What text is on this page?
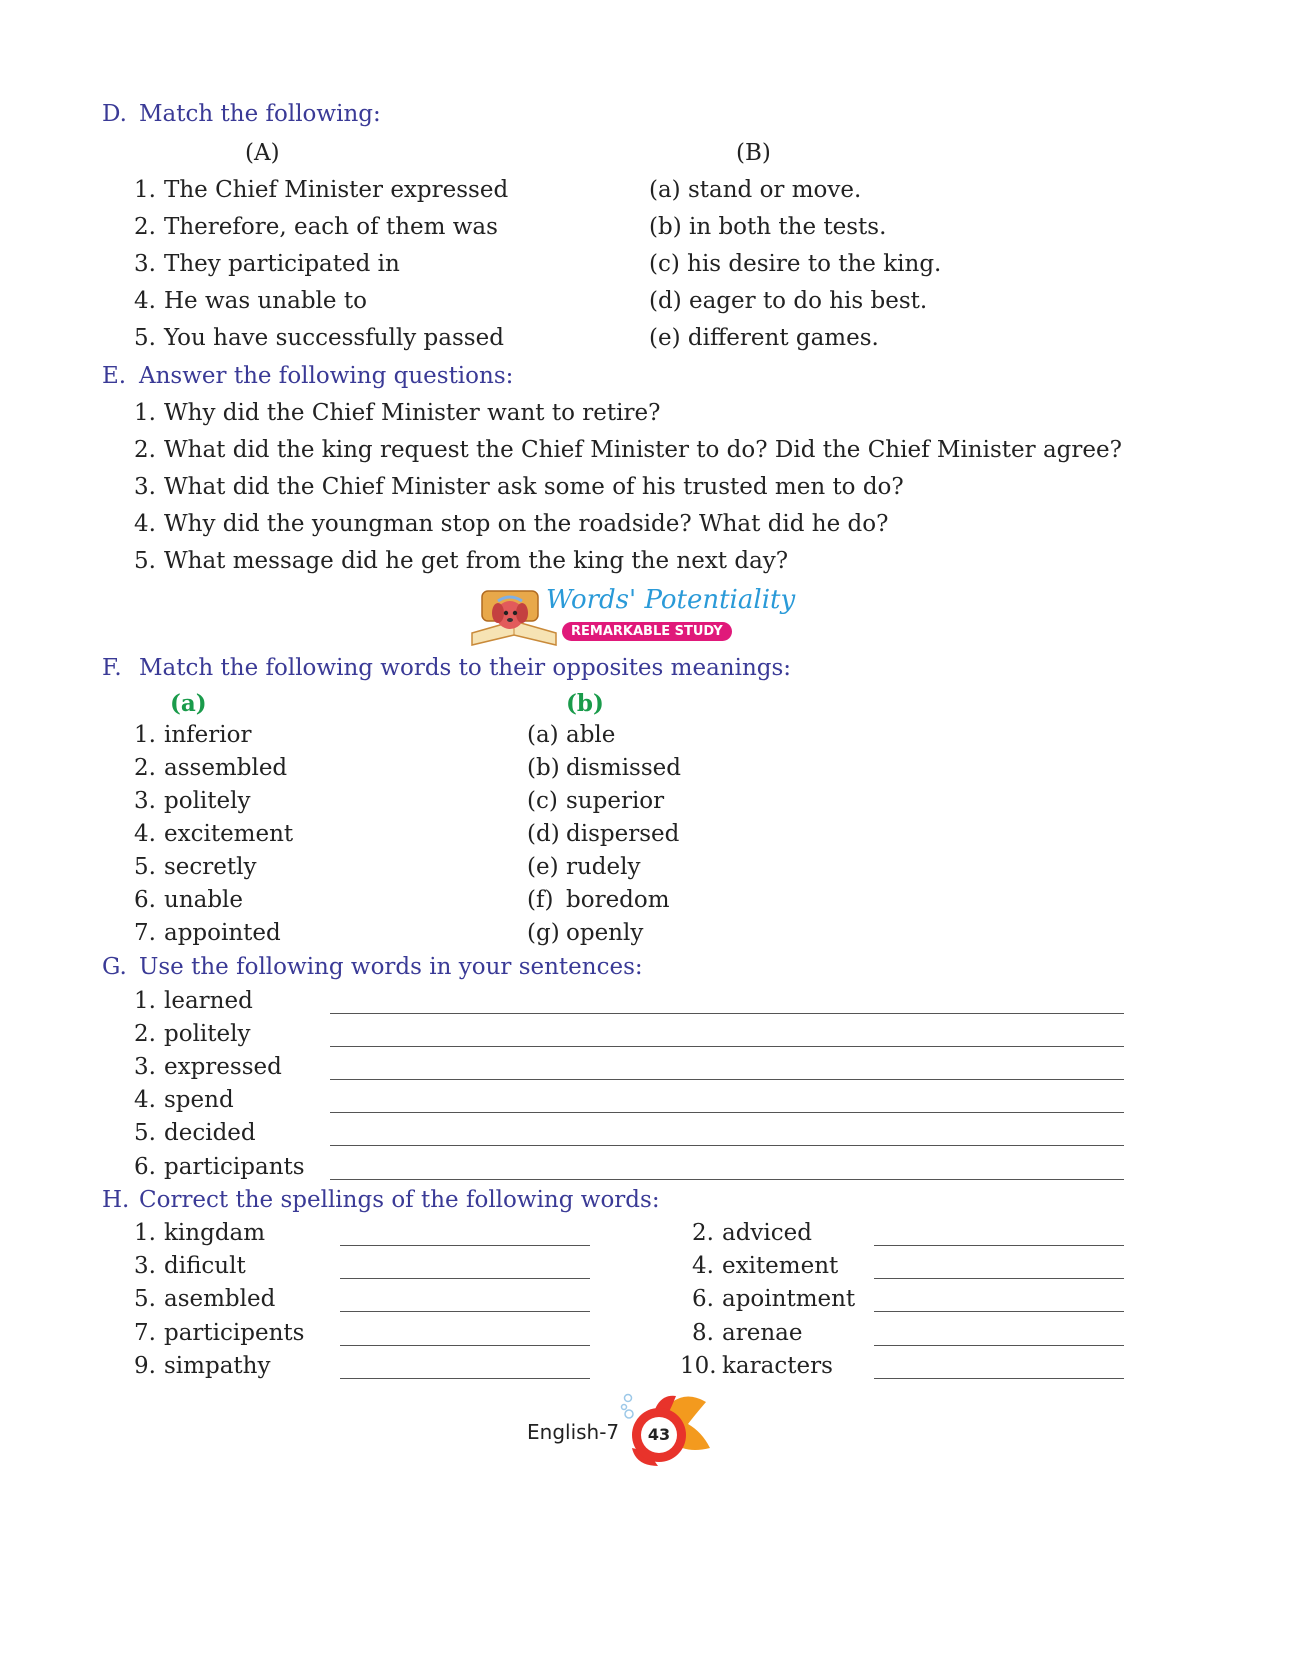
D. Match the following:
(A)	(B)
1. The Chief Minister expressed
2. Therefore, each of them was
3. They participated in
4. He was unable to
5. You have successfully passed
(a) stand or move.
(b) in both the tests.
(c) his desire to the king.
(d) eager to do his best.
(e) different games.
E. Answer the following questions:
1. Why did the Chief Minister want to retire?
2. What did the king request the Chief Minister to do? Did the Chief Minister agree?
3. What did the Chief Minister ask some of his trusted men to do?
4. Why did the youngman stop on the roadside? What did he do?
5. What message did he get from the king the next day?
Words' Potentiality
REMARKABLE STUDY
F. Match the following words to their opposites meanings:
(a)	(b)
1. inferior
2. assembled
3. politely
4. excitement
5. secretly
6. unable
7. appointed
(a) able
(b) dismissed
(c) superior
(d) dispersed
(e) rudely
(f) boredom
(g) openly
G. Use the following words in your sentences:
1. learned
2. politely
3. expressed
4. spend
5. decided
6. participants
H. Correct the spellings of the following words:
1. kingdam
3. dificult
5. asembled
7. participents
9. simpathy
2. adviced
4. exitement
6. apointment
8. arenae
10. karacters
English-7 43
